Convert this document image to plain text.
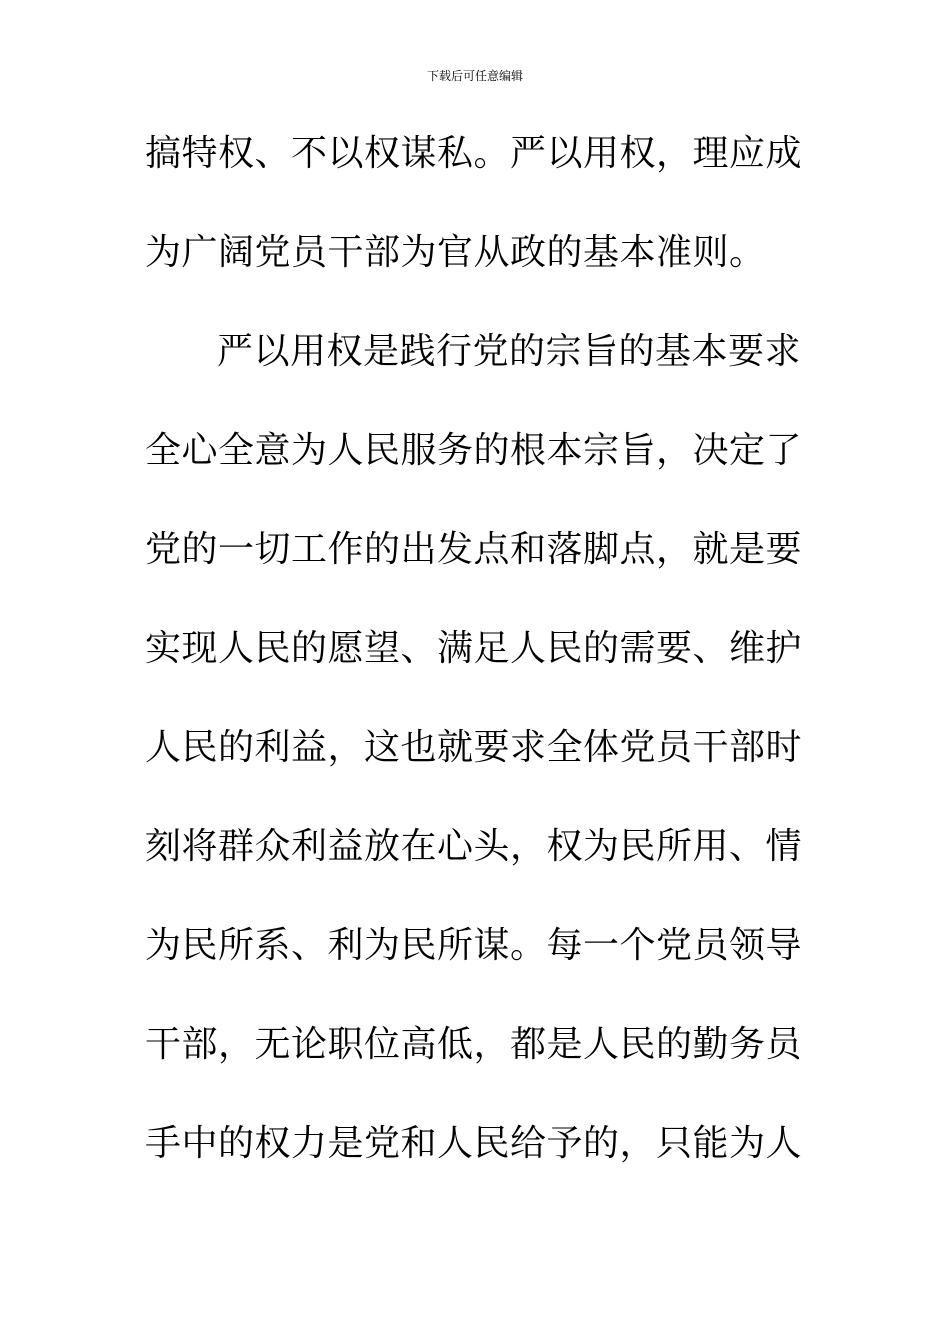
下载后可任意编辑
搞特权、不以权谋私。严以用权，理应成
为广阔党员干部为官从政的基本准则。
严以用权是践行党的宗旨的基本要求
全心全意为人民服务的根本宗旨，决定了
党的一切工作的出发点和落脚点，就是要
实现人民的愿望、满足人民的需要、维护
人民的利益，这也就要求全体党员干部时
刻将群众利益放在心头，权为民所用、情
为民所系、利为民所谋。每一个党员领导
干部，无论职位高低，都是人民的勤务员
手中的权力是党和人民给予的，只能为人
